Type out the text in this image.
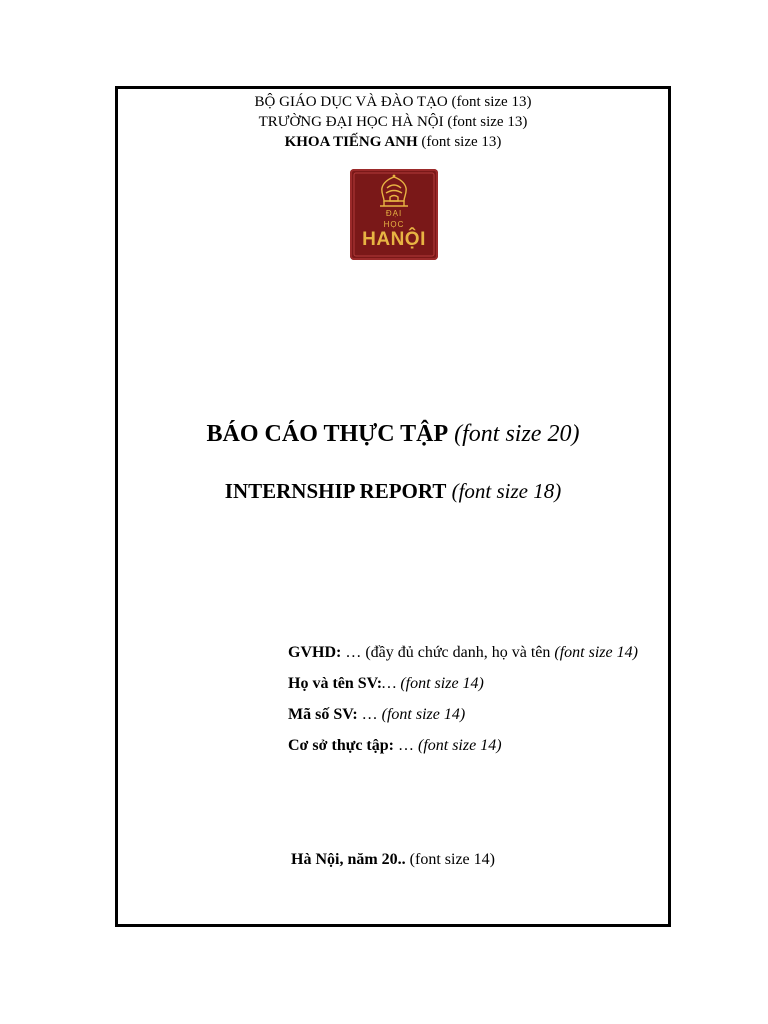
BỘ GIÁO DỤC VÀ ĐÀO TẠO (font size 13)
TRƯỜNG ĐẠI HỌC HÀ NỘI (font size 13)
KHOA TIẾNG ANH (font size 13)
ĐẠI
HỌC
HANỘI
BÁO CÁO THỰC TẬP (font size 20)
INTERNSHIP REPORT (font size 18)
GVHD: … (đầy đủ chức danh, họ và tên (font size 14)
Họ và tên SV:… (font size 14)
Mã số SV: … (font size 14)
Cơ sở thực tập: … (font size 14)
Hà Nội, năm 20.. (font size 14)
